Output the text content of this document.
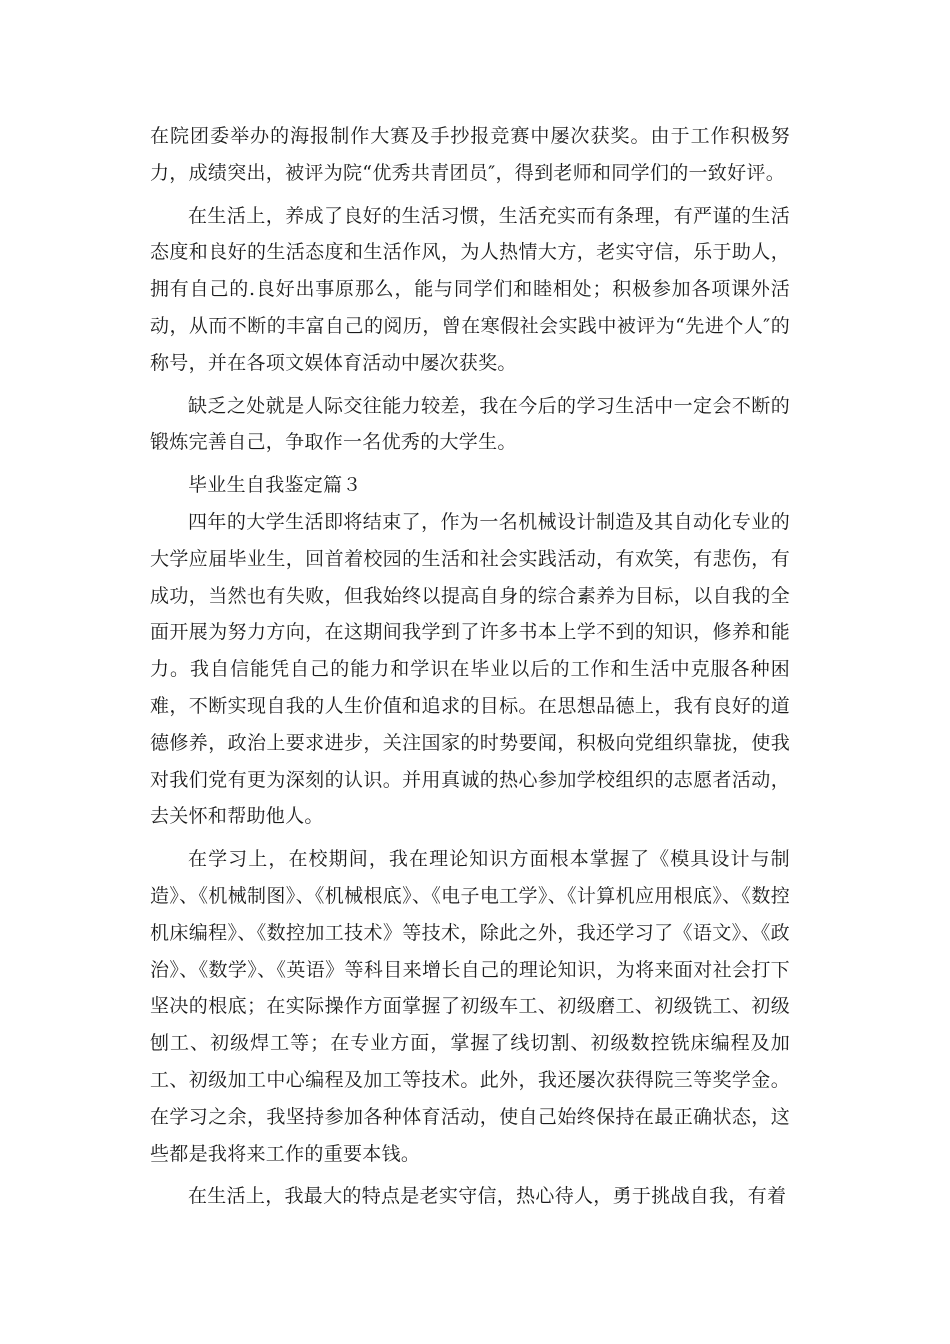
在院团委举办的海报制作大赛及手抄报竞赛中屡次获奖。由于工作积极努力，成绩突出，被评为院“优秀共青团员″，得到老师和同学们的一致好评。

在生活上，养成了良好的生活习惯，生活充实而有条理，有严谨的生活态度和良好的生活态度和生活作风，为人热情大方，老实守信，乐于助人，拥有自己的.良好出事原那么，能与同学们和睦相处；积极参加各项课外活动，从而不断的丰富自己的阅历，曾在寒假社会实践中被评为“先进个人″的称号，并在各项文娱体育活动中屡次获奖。

缺乏之处就是人际交往能力较差，我在今后的学习生活中一定会不断的锻炼完善自己，争取作一名优秀的大学生。

毕业生自我鉴定篇３

四年的大学生活即将结束了，作为一名机械设计制造及其自动化专业的大学应届毕业生，回首着校园的生活和社会实践活动，有欢笑，有悲伤，有成功，当然也有失败，但我始终以提高自身的综合素养为目标，以自我的全面开展为努力方向，在这期间我学到了许多书本上学不到的知识，修养和能力。我自信能凭自己的能力和学识在毕业以后的工作和生活中克服各种困难，不断实现自我的人生价值和追求的目标。在思想品德上，我有良好的道德修养，政治上要求进步，关注国家的时势要闻，积极向党组织靠拢，使我对我们党有更为深刻的认识。并用真诚的热心参加学校组织的志愿者活动，去关怀和帮助他人。

在学习上，在校期间，我在理论知识方面根本掌握了《模具设计与制造》、《机械制图》、《机械根底》、《电子电工学》、《计算机应用根底》、《数控机床编程》、《数控加工技术》等技术，除此之外，我还学习了《语文》、《政治》、《数学》、《英语》等科目来增长自己的理论知识，为将来面对社会打下坚决的根底；在实际操作方面掌握了初级车工、初级磨工、初级铣工、初级刨工、初级焊工等；在专业方面，掌握了线切割、初级数控铣床编程及加工、初级加工中心编程及加工等技术。此外，我还屡次获得院三等奖学金。在学习之余，我坚持参加各种体育活动，使自己始终保持在最正确状态，这些都是我将来工作的重要本钱。

在生活上，我最大的特点是老实守信，热心待人，勇于挑战自我，有着
